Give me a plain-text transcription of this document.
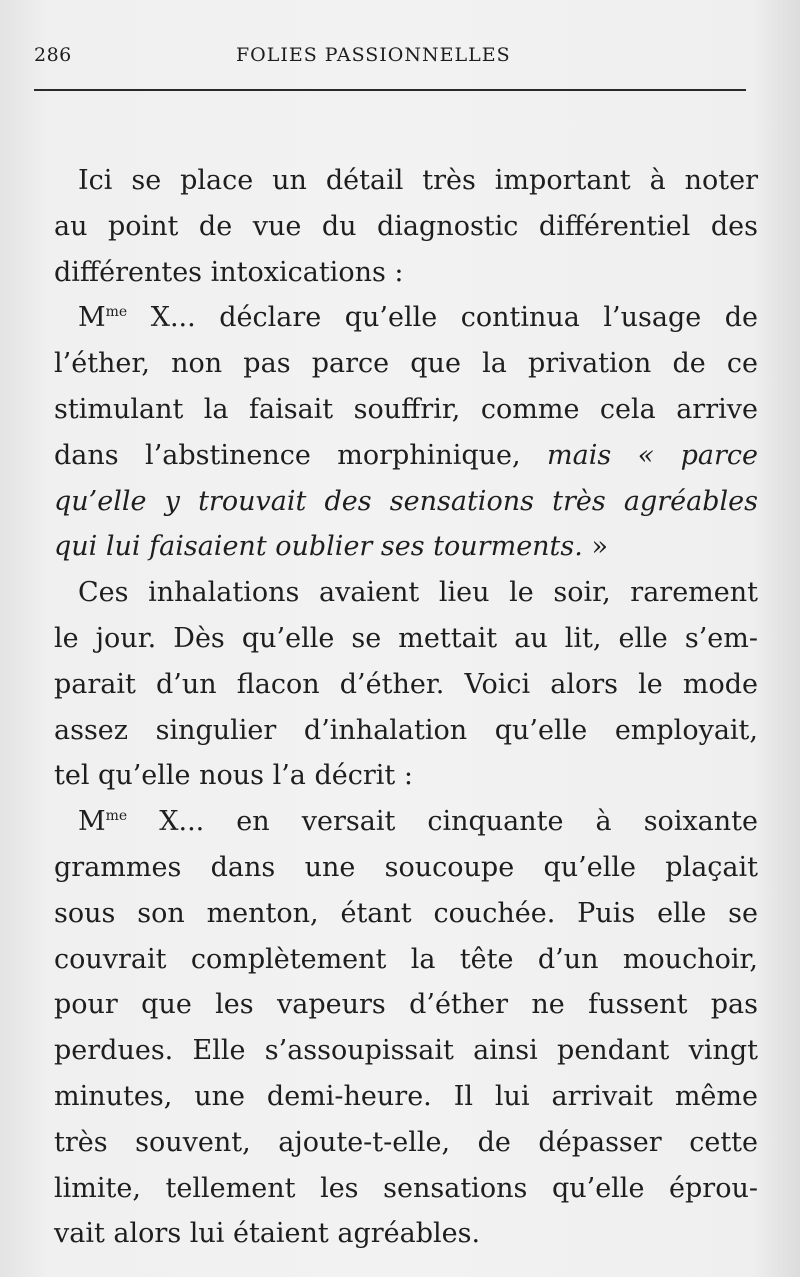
286	FOLIES PASSIONNELLES
Ici se place un détail très important à noter
au point de vue du diagnostic différentiel des
différentes intoxications :
$M^{me}$ X... déclare qu’elle continua l’usage de
l’éther, non pas parce que la privation de ce
stimulant la faisait souffrir, comme cela arrive
dans l’abstinence morphinique, mais « parce
qu’elle y trouvait des sensations très agréables
qui lui faisaient oublier ses tourments. »
Ces inhalations avaient lieu le soir, rarement
le jour. Dès qu’elle se mettait au lit, elle s’em-
parait d’un flacon d’éther. Voici alors le mode
assez singulier d’inhalation qu’elle employait,
tel qu’elle nous l’a décrit :
$M^{me}$ X... en versait cinquante à soixante
grammes dans une soucoupe qu’elle plaçait
sous son menton, étant couchée. Puis elle se
couvrait complètement la tête d’un mouchoir,
pour que les vapeurs d’éther ne fussent pas
perdues. Elle s’assoupissait ainsi pendant vingt
minutes, une demi-heure. Il lui arrivait même
très souvent, ajoute-t-elle, de dépasser cette
limite, tellement les sensations qu’elle éprou-
vait alors lui étaient agréables.
